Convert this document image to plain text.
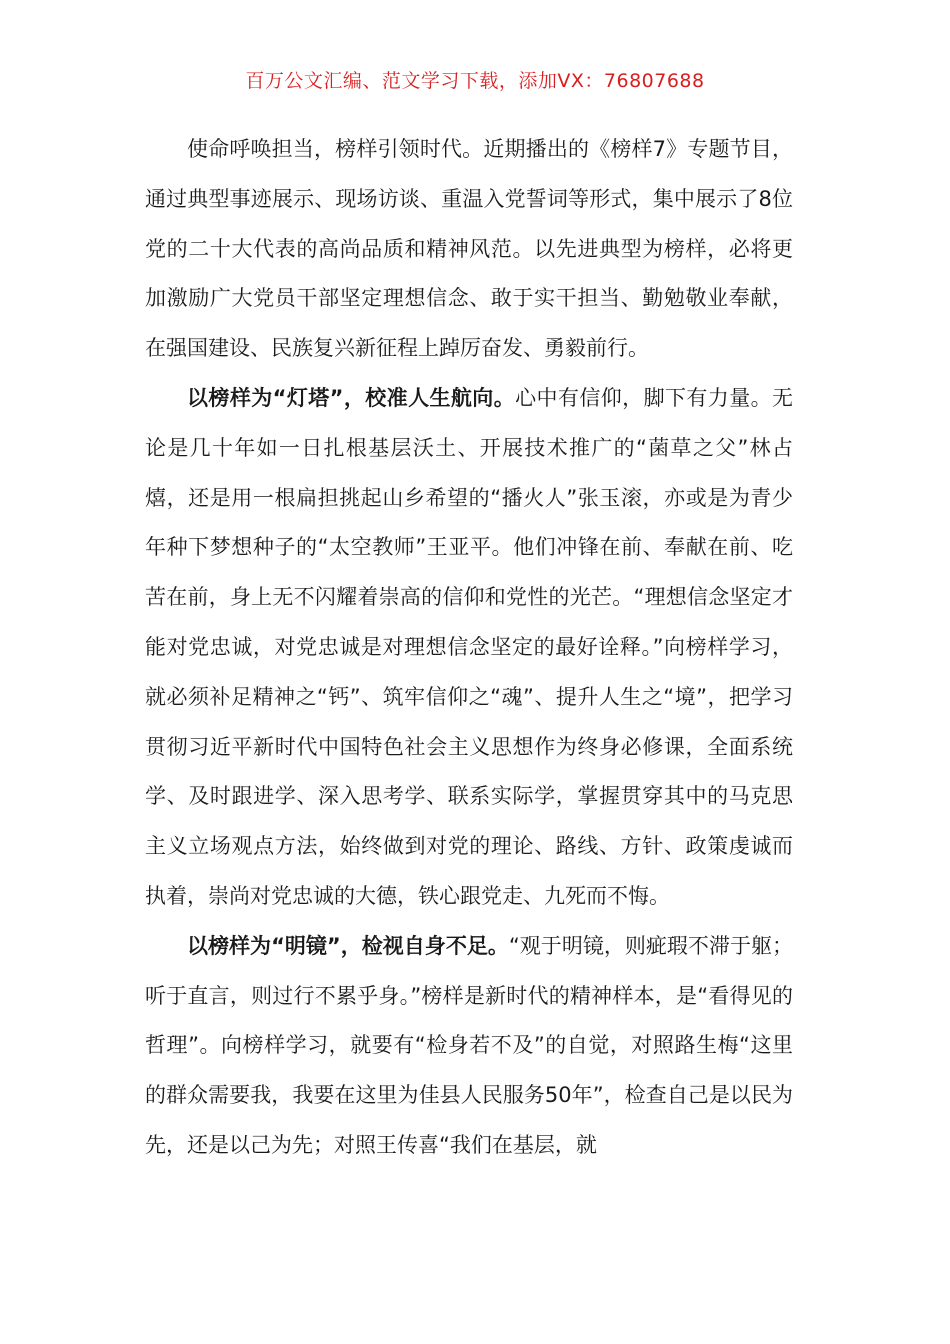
百万公文汇编、范文学习下载，添加VX：76807688

使命呼唤担当，榜样引领时代。近期播出的《榜样7》专题节目，通过典型事迹展示、现场访谈、重温入党誓词等形式，集中展示了8位党的二十大代表的高尚品质和精神风范。以先进典型为榜样，必将更加激励广大党员干部坚定理想信念、敢于实干担当、勤勉敬业奉献，在强国建设、民族复兴新征程上踔厉奋发、勇毅前行。

以榜样为“灯塔”，校准人生航向。心中有信仰，脚下有力量。无论是几十年如一日扎根基层沃土、开展技术推广的“菌草之父”林占熺，还是用一根扁担挑起山乡希望的“播火人”张玉滚，亦或是为青少年种下梦想种子的“太空教师”王亚平。他们冲锋在前、奉献在前、吃苦在前，身上无不闪耀着崇高的信仰和党性的光芒。“理想信念坚定才能对党忠诚，对党忠诚是对理想信念坚定的最好诠释。”向榜样学习，就必须补足精神之“钙”、筑牢信仰之“魂”、提升人生之“境”，把学习贯彻习近平新时代中国特色社会主义思想作为终身必修课，全面系统学、及时跟进学、深入思考学、联系实际学，掌握贯穿其中的马克思主义立场观点方法，始终做到对党的理论、路线、方针、政策虔诚而执着，崇尚对党忠诚的大德，铁心跟党走、九死而不悔。

以榜样为“明镜”，检视自身不足。“观于明镜，则疵瑕不滞于躯；听于直言，则过行不累乎身。”榜样是新时代的精神样本，是“看得见的哲理”。向榜样学习，就要有“检身若不及”的自觉，对照路生梅“这里的群众需要我，我要在这里为佳县人民服务50年”，检查自己是以民为先，还是以己为先；对照王传喜“我们在基层，就
